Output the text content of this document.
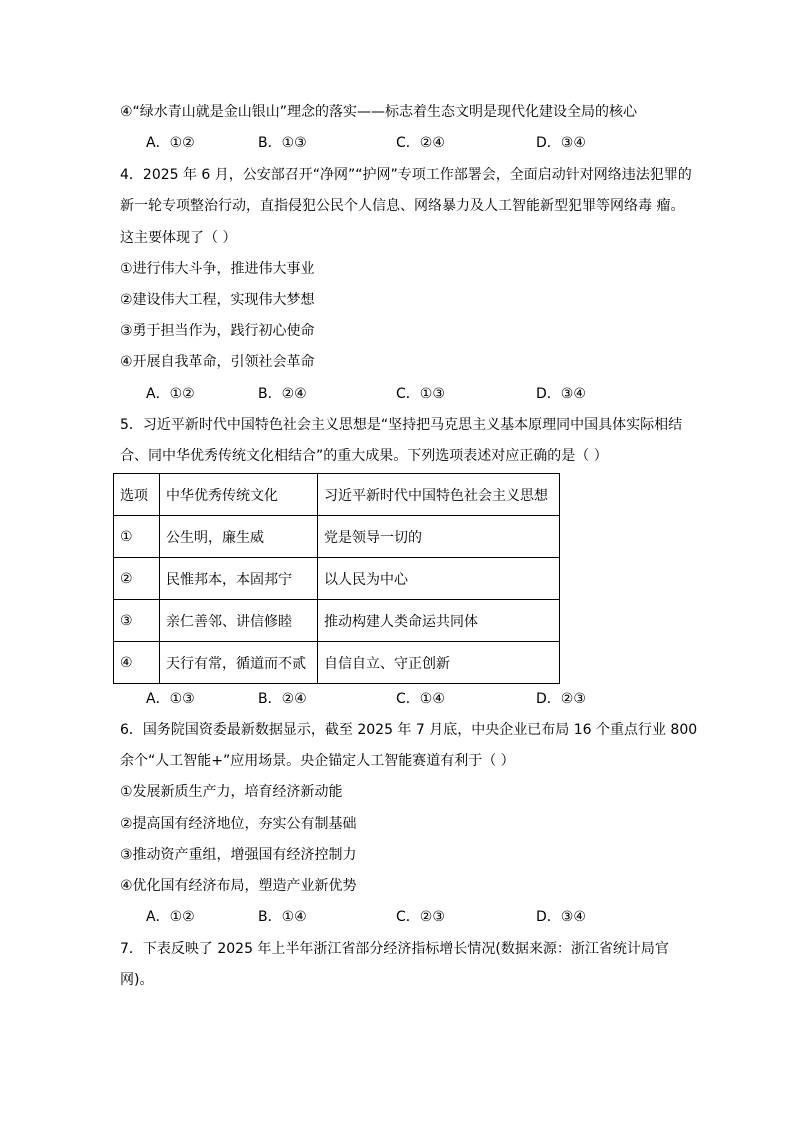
④“绿水青山就是金山银山”理念的落实——标志着生态文明是现代化建设全局的核心
A．①②	B．①③	C．②④	D．③④
4．2025 年 6 月，公安部召开“净网”“护网”专项工作部署会，全面启动针对网络违法犯罪的
新一轮专项整治行动，直指侵犯公民个人信息、网络暴力及人工智能新型犯罪等网络毒 瘤。
这主要体现了（ ）
①进行伟大斗争，推进伟大事业
②建设伟大工程，实现伟大梦想
③勇于担当作为，践行初心使命
④开展自我革命，引领社会革命
A．①②	B．②④	C．①③	D．③④
5．习近平新时代中国特色社会主义思想是“坚持把马克思主义基本原理同中国具体实际相结
合、同中华优秀传统文化相结合”的重大成果。下列选项表述对应正确的是（ ）
选项	中华优秀传统文化	习近平新时代中国特色社会主义思想
①	公生明，廉生威	党是领导一切的
②	民惟邦本，本固邦宁	以人民为中心
③	亲仁善邻、讲信修睦	推动构建人类命运共同体
④	天行有常，循道而不贰	自信自立、守正创新
A．①③	B．②④	C．①④	D．②③
6．国务院国资委最新数据显示，截至 2025 年 7 月底，中央企业已布局 16 个重点行业 800
余个“人工智能+”应用场景。央企锚定人工智能赛道有利于（ ）
①发展新质生产力，培育经济新动能
②提高国有经济地位，夯实公有制基础
③推动资产重组，增强国有经济控制力
④优化国有经济布局，塑造产业新优势
A．①②	B．①④	C．②③	D．③④
7．下表反映了 2025 年上半年浙江省部分经济指标增长情况(数据来源：浙江省统计局官
网)。
